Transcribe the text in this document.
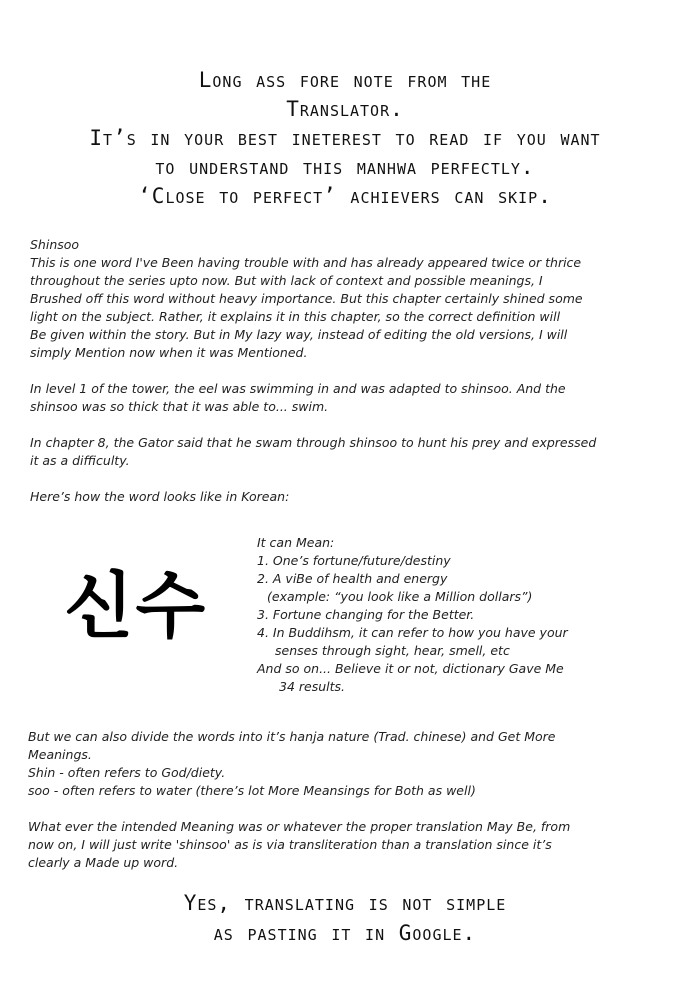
Long ass fore note from the
Translator.
It’s in your best ineterest to read if you want
to understand this manhwa perfectly.
‘Close to perfect’ achievers can skip.
Shinsoo
This is one word I've Been having trouble with and has already appeared twice or thrice
throughout the series upto now. But with lack of context and possible meanings, I
Brushed off this word without heavy importance. But this chapter certainly shined some
light on the subject. Rather, it explains it in this chapter, so the correct definition will
Be given within the story. But in My lazy way, instead of editing the old versions, I will
simply Mention now when it was Mentioned.
In level 1 of the tower, the eel was swimming in and was adapted to shinsoo. And the
shinsoo was so thick that it was able to... swim.
In chapter 8, the Gator said that he swam through shinsoo to hunt his prey and expressed
it as a difficulty.
Here’s how the word looks like in Korean:
신수
It can Mean:
1. One’s fortune/future/destiny
2. A viBe of health and energy
(example: “you look like a Million dollars”)
3. Fortune changing for the Better.
4. In Buddihsm, it can refer to how you have your
senses through sight, hear, smell, etc
And so on... Believe it or not, dictionary Gave Me
34 results.
But we can also divide the words into it’s hanja nature (Trad. chinese) and Get More
Meanings.
Shin - often refers to God/diety.
soo - often refers to water (there’s lot More Meansings for Both as well)
What ever the intended Meaning was or whatever the proper translation May Be, from
now on, I will just write 'shinsoo' as is via transliteration than a translation since it’s
clearly a Made up word.
Yes, translating is not simple
as pasting it in Google.
